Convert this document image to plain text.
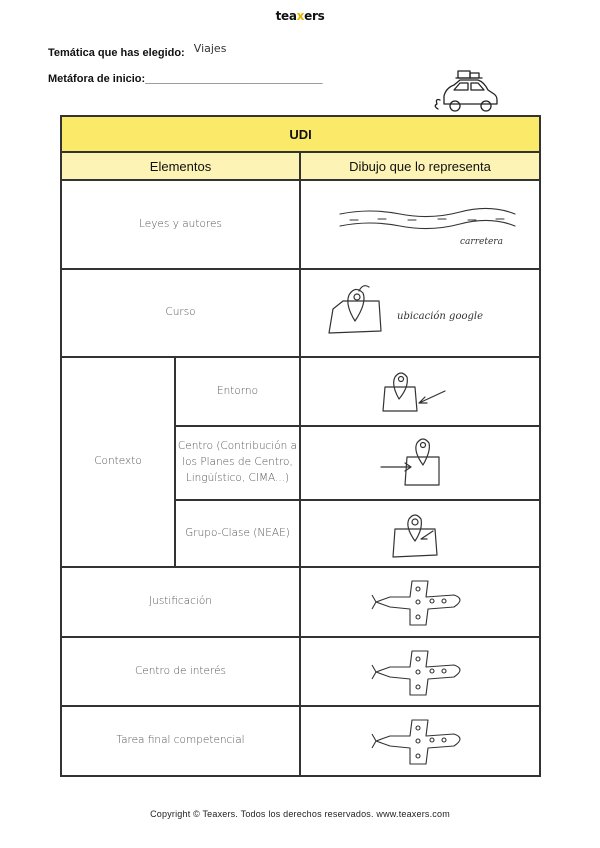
teaxers
Temática que has elegido: Viajes
Metáfora de inicio:_____________________________
UDI		
Elementos		Dibujo que lo representa
Leyes y autores		carretera

Curso		ubicación google

Contexto	Entorno	

	Centro (Contribución a los Planes de Centro, Lingüístico, CIMA...)	

	Grupo-Clase (NEAE)	

Justificación	

Centro de interés	

Tarea final competencial	
Copyright © Teaxers. Todos los derechos reservados. www.teaxers.com
